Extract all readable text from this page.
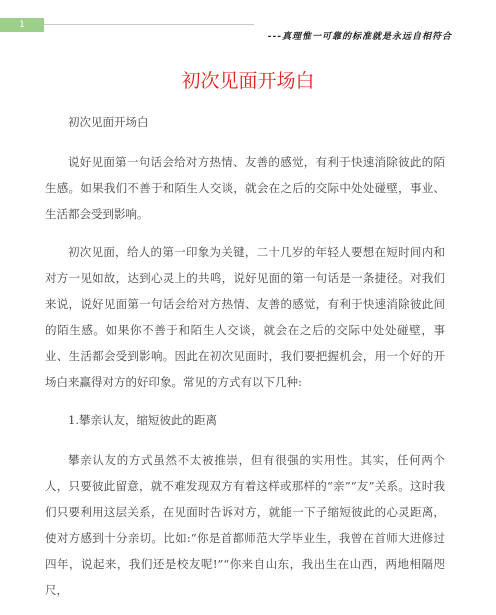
1
---真理惟一可靠的标准就是永远自相符合
初次见面开场白

初次见面开场白

说好见面第一句话会给对方热情、友善的感觉，有利于快速消除彼此的陌生感。如果我们不善于和陌生人交谈，就会在之后的交际中处处碰壁，事业、生活都会受到影响。

初次见面，给人的第一印象为关键，二十几岁的年轻人要想在短时间内和对方一见如故，达到心灵上的共鸣，说好见面的第一句话是一条捷径。对我们来说，说好见面第一句话会给对方热情、友善的感觉，有利于快速消除彼此间的陌生感。如果你不善于和陌生人交谈，就会在之后的交际中处处碰壁，事业、生活都会受到影响。因此在初次见面时，我们要把握机会，用一个好的开场白来赢得对方的好印象。常见的方式有以下几种:

1.攀亲认友，缩短彼此的距离

攀亲认友的方式虽然不太被推崇，但有很强的实用性。其实，任何两个人，只要彼此留意，就不难发现双方有着这样或那样的“亲”“友”关系。这时我们只要利用这层关系，在见面时告诉对方，就能一下子缩短彼此的心灵距离，使对方感到十分亲切。比如:“你是首都师范大学毕业生，我曾在首师大进修过四年，说起来，我们还是校友呢!”“你来自山东，我出生在山西，两地相隔咫尺，
